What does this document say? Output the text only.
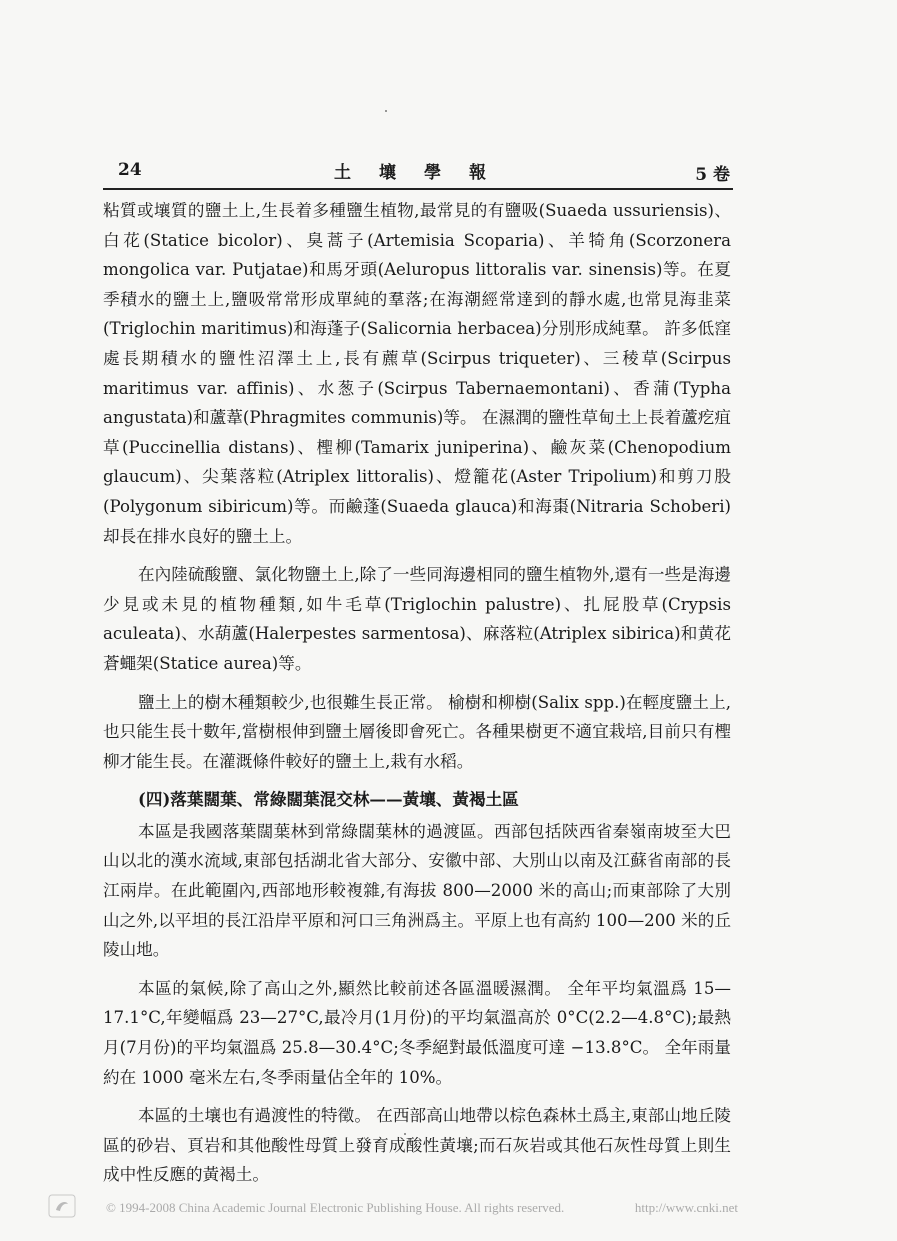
24	土壤學報	5 卷

粘質或壤質的鹽土上,生長着多種鹽生植物,最常見的有鹽吸(Suaeda ussuriensis)、白花(Statice bicolor)、臭蒿子(Artemisia Scoparia)、羊犄角(Scorzonera mongolica var. Putjatae)和馬牙頭(Aeluropus littoralis var. sinensis)等。在夏季積水的鹽土上,鹽吸常常形成單純的羣落;在海潮經常達到的靜水處,也常見海韭菜(Triglochin maritimus)和海蓬子(Salicornia herbacea)分別形成純羣。 許多低窪處長期積水的鹽性沼澤土上,長有藨草(Scirpus triqueter)、三稜草(Scirpus maritimus var. affinis)、水葱子(Scirpus Tabernaemontani)、香蒲(Typha angustata)和蘆葦(Phragmites communis)等。 在濕潤的鹽性草甸土上長着蘆疙疽草(Puccinellia distans)、檉柳(Tamarix juniperina)、鹼灰菜(Chenopodium glaucum)、尖葉落粒(Atriplex littoralis)、燈籠花(Aster Tripolium)和剪刀股(Polygonum sibiricum)等。而鹼蓬(Suaeda glauca)和海棗(Nitraria Schoberi)却長在排水良好的鹽土上。

在內陸硫酸鹽、氯化物鹽土上,除了一些同海邊相同的鹽生植物外,還有一些是海邊少見或未見的植物種類,如牛毛草(Triglochin palustre)、扎屁股草(Crypsis aculeata)、水葫蘆(Halerpestes sarmentosa)、麻落粒(Atriplex sibirica)和黄花蒼蠅架(Statice aurea)等。

鹽土上的樹木種類較少,也很難生長正常。 榆樹和柳樹(Salix spp.)在輕度鹽土上,也只能生長十數年,當樹根伸到鹽土層後即會死亡。各種果樹更不適宜栽培,目前只有檉柳才能生長。在灌溉條件較好的鹽土上,栽有水稻。

(四)落葉闊葉、常綠闊葉混交林——黃壤、黃褐土區

本區是我國落葉闊葉林到常綠闊葉林的過渡區。西部包括陝西省秦嶺南坡至大巴山以北的漢水流域,東部包括湖北省大部分、安徽中部、大別山以南及江蘇省南部的長江兩岸。在此範圍內,西部地形較複雜,有海拔 800—2000 米的高山;而東部除了大別山之外,以平坦的長江沿岸平原和河口三角洲爲主。平原上也有高約 100—200 米的丘陵山地。

本區的氣候,除了高山之外,顯然比較前述各區溫暖濕潤。 全年平均氣溫爲 15—17.1°C,年變幅爲 23—27°C,最冷月(1月份)的平均氣溫高於 0°C(2.2—4.8°C);最熱月(7月份)的平均氣溫爲 25.8—30.4°C;冬季絕對最低溫度可達 −13.8°C。 全年雨量約在 1000 毫米左右,冬季雨量佔全年的 10%。

本區的土壤也有過渡性的特徵。 在西部高山地帶以棕色森林土爲主,東部山地丘陵區的砂岩、頁岩和其他酸性母質上發育成酸性黃壤;而石灰岩或其他石灰性母質上則生成中性反應的黃褐土。

© 1994-2008 China Academic Journal Electronic Publishing House. All rights reserved.	http://www.cnki.net
